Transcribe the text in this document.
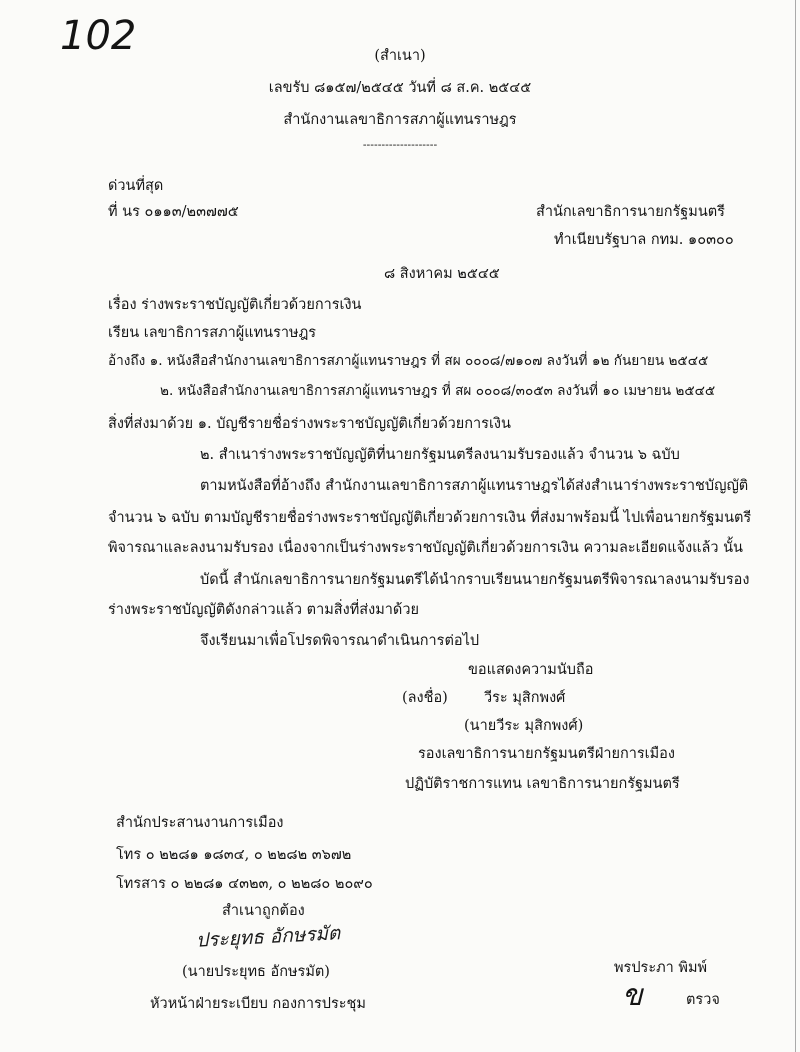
102	(สำเนา)
เลขรับ ๘๑๕๗/๒๕๔๕ วันที่ ๘ ส.ค. ๒๕๔๕
สำนักงานเลขาธิการสภาผู้แทนราษฎร
--------------------
ด่วนที่สุด
ที่ นร ๐๑๑๓/๒๓๗๗๕	สำนักเลขาธิการนายกรัฐมนตรี
ทำเนียบรัฐบาล กทม. ๑๐๓๐๐
๘ สิงหาคม ๒๕๔๕
เรื่อง ร่างพระราชบัญญัติเกี่ยวด้วยการเงิน
เรียน เลขาธิการสภาผู้แทนราษฎร
อ้างถึง ๑. หนังสือสำนักงานเลขาธิการสภาผู้แทนราษฎร ที่ สผ ๐๐๐๘/๗๑๐๗ ลงวันที่ ๑๒ กันยายน ๒๕๔๕
๒. หนังสือสำนักงานเลขาธิการสภาผู้แทนราษฎร ที่ สผ ๐๐๐๘/๓๐๕๓ ลงวันที่ ๑๐ เมษายน ๒๕๔๕
สิ่งที่ส่งมาด้วย ๑. บัญชีรายชื่อร่างพระราชบัญญัติเกี่ยวด้วยการเงิน
๒. สำเนาร่างพระราชบัญญัติที่นายกรัฐมนตรีลงนามรับรองแล้ว จำนวน ๖ ฉบับ
ตามหนังสือที่อ้างถึง สำนักงานเลขาธิการสภาผู้แทนราษฎรได้ส่งสำเนาร่างพระราชบัญญัติ
จำนวน ๖ ฉบับ ตามบัญชีรายชื่อร่างพระราชบัญญัติเกี่ยวด้วยการเงิน ที่ส่งมาพร้อมนี้ ไปเพื่อนายกรัฐมนตรี
พิจารณาและลงนามรับรอง เนื่องจากเป็นร่างพระราชบัญญัติเกี่ยวด้วยการเงิน ความละเอียดแจ้งแล้ว นั้น
บัดนี้ สำนักเลขาธิการนายกรัฐมนตรีได้นำกราบเรียนนายกรัฐมนตรีพิจารณาลงนามรับรอง
ร่างพระราชบัญญัติดังกล่าวแล้ว ตามสิ่งที่ส่งมาด้วย
จึงเรียนมาเพื่อโปรดพิจารณาดำเนินการต่อไป
ขอแสดงความนับถือ
(ลงชื่อ) วีระ มุสิกพงศ์
(นายวีระ มุสิกพงศ์)
รองเลขาธิการนายกรัฐมนตรีฝ่ายการเมือง
ปฏิบัติราชการแทน เลขาธิการนายกรัฐมนตรี
สำนักประสานงานการเมือง
โทร ๐ ๒๒๘๑ ๑๘๓๔, ๐ ๒๒๘๒ ๓๖๗๒
โทรสาร ๐ ๒๒๘๑ ๔๓๒๓, ๐ ๒๒๘๐ ๒๐๙๐
สำเนาถูกต้อง
ประยุทธ อักษรมัต
(นายประยุทธ อักษรมัต)
หัวหน้าฝ่ายระเบียบ กองการประชุม
พรประภา พิมพ์
ข	ตรวจ
